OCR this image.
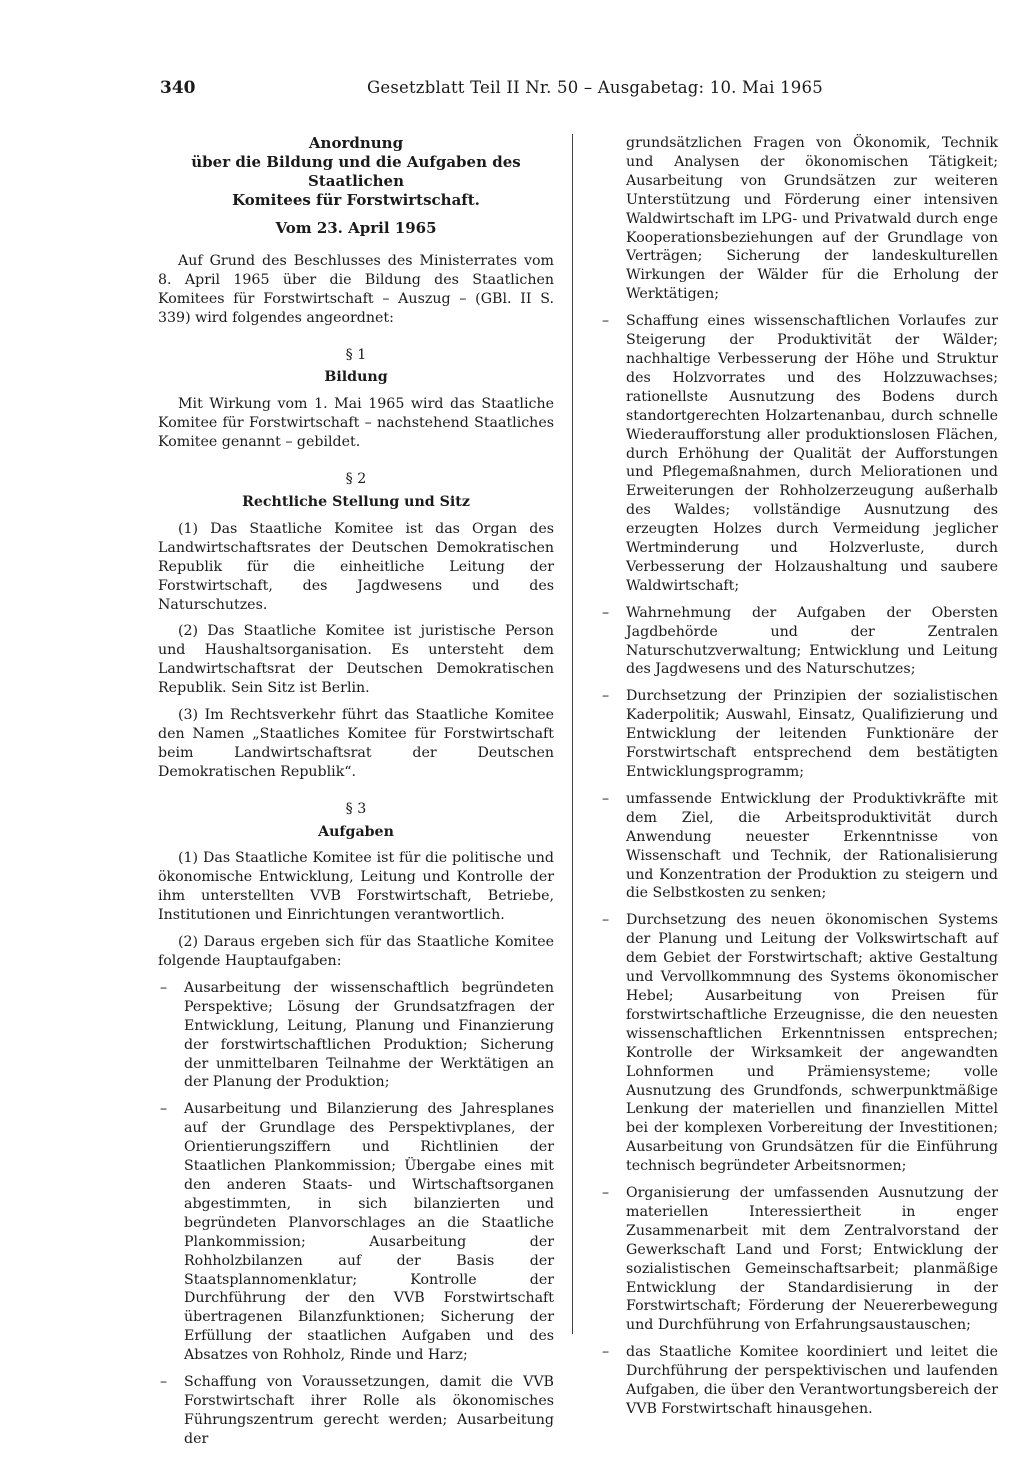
340	Gesetzblatt Teil II Nr. 50 – Ausgabetag: 10. Mai 1965
Anordnung
über die Bildung und die Aufgaben des Staatlichen
Komitees für Forstwirtschaft.
Vom 23. April 1965

Auf Grund des Beschlusses des Ministerrates vom 8. April 1965 über die Bildung des Staatlichen Komitees für Forstwirtschaft – Auszug – (GBl. II S. 339) wird folgendes angeordnet:

§ 1
Bildung

Mit Wirkung vom 1. Mai 1965 wird das Staatliche Komitee für Forstwirtschaft – nachstehend Staatliches Komitee genannt – gebildet.

§ 2
Rechtliche Stellung und Sitz

(1) Das Staatliche Komitee ist das Organ des Landwirtschaftsrates der Deutschen Demokratischen Republik für die einheitliche Leitung der Forstwirtschaft, des Jagdwesens und des Naturschutzes.

(2) Das Staatliche Komitee ist juristische Person und Haushaltsorganisation. Es untersteht dem Landwirtschaftsrat der Deutschen Demokratischen Republik. Sein Sitz ist Berlin.

(3) Im Rechtsverkehr führt das Staatliche Komitee den Namen „Staatliches Komitee für Forstwirtschaft beim Landwirtschaftsrat der Deutschen Demokratischen Republik“.

§ 3
Aufgaben

(1) Das Staatliche Komitee ist für die politische und ökonomische Entwicklung, Leitung und Kontrolle der ihm unterstellten VVB Forstwirtschaft, Betriebe, Institutionen und Einrichtungen verantwortlich.

(2) Daraus ergeben sich für das Staatliche Komitee folgende Hauptaufgaben:

– Ausarbeitung der wissenschaftlich begründeten Perspektive; Lösung der Grundsatzfragen der Entwicklung, Leitung, Planung und Finanzierung der forstwirtschaftlichen Produktion; Sicherung der unmittelbaren Teilnahme der Werktätigen an der Planung der Produktion;
– Ausarbeitung und Bilanzierung des Jahresplanes auf der Grundlage des Perspektivplanes, der Orientierungsziffern und Richtlinien der Staatlichen Plankommission; Übergabe eines mit den anderen Staats- und Wirtschaftsorganen abgestimmten, in sich bilanzierten und begründeten Planvorschlages an die Staatliche Plankommission; Ausarbeitung der Rohholzbilanzen auf der Basis der Staatsplannomenklatur; Kontrolle der Durchführung der den VVB Forstwirtschaft übertragenen Bilanzfunktionen; Sicherung der Erfüllung der staatlichen Aufgaben und des Absatzes von Rohholz, Rinde und Harz;
– Schaffung von Voraussetzungen, damit die VVB Forstwirtschaft ihrer Rolle als ökonomisches Führungszentrum gerecht werden; Ausarbeitung der

grundsätzlichen Fragen von Ökonomik, Technik und Analysen der ökonomischen Tätigkeit; Ausarbeitung von Grundsätzen zur weiteren Unterstützung und Förderung einer intensiven Waldwirtschaft im LPG- und Privatwald durch enge Kooperationsbeziehungen auf der Grundlage von Verträgen; Sicherung der landeskulturellen Wirkungen der Wälder für die Erholung der Werktätigen;

– Schaffung eines wissenschaftlichen Vorlaufes zur Steigerung der Produktivität der Wälder; nachhaltige Verbesserung der Höhe und Struktur des Holzvorrates und des Holzzuwachses; rationellste Ausnutzung des Bodens durch standortgerechten Holzartenanbau, durch schnelle Wiederaufforstung aller produktionslosen Flächen, durch Erhöhung der Qualität der Aufforstungen und Pflegemaßnahmen, durch Meliorationen und Erweiterungen der Rohholzerzeugung außerhalb des Waldes; vollständige Ausnutzung des erzeugten Holzes durch Vermeidung jeglicher Wertminderung und Holzverluste, durch Verbesserung der Holzaushaltung und saubere Waldwirtschaft;
– Wahrnehmung der Aufgaben der Obersten Jagdbehörde und der Zentralen Naturschutzverwaltung; Entwicklung und Leitung des Jagdwesens und des Naturschutzes;
– Durchsetzung der Prinzipien der sozialistischen Kaderpolitik; Auswahl, Einsatz, Qualifizierung und Entwicklung der leitenden Funktionäre der Forstwirtschaft entsprechend dem bestätigten Entwicklungsprogramm;
– umfassende Entwicklung der Produktivkräfte mit dem Ziel, die Arbeitsproduktivität durch Anwendung neuester Erkenntnisse von Wissenschaft und Technik, der Rationalisierung und Konzentration der Produktion zu steigern und die Selbstkosten zu senken;
– Durchsetzung des neuen ökonomischen Systems der Planung und Leitung der Volkswirtschaft auf dem Gebiet der Forstwirtschaft; aktive Gestaltung und Vervollkommnung des Systems ökonomischer Hebel; Ausarbeitung von Preisen für forstwirtschaftliche Erzeugnisse, die den neuesten wissenschaftlichen Erkenntnissen entsprechen; Kontrolle der Wirksamkeit der angewandten Lohnformen und Prämiensysteme; volle Ausnutzung des Grundfonds, schwerpunktmäßige Lenkung der materiellen und finanziellen Mittel bei der komplexen Vorbereitung der Investitionen; Ausarbeitung von Grundsätzen für die Einführung technisch begründeter Arbeitsnormen;
– Organisierung der umfassenden Ausnutzung der materiellen Interessiertheit in enger Zusammenarbeit mit dem Zentralvorstand der Gewerkschaft Land und Forst; Entwicklung der sozialistischen Gemeinschaftsarbeit; planmäßige Entwicklung der Standardisierung in der Forstwirtschaft; Förderung der Neuererbewegung und Durchführung von Erfahrungsaustauschen;
– das Staatliche Komitee koordiniert und leitet die Durchführung der perspektivischen und laufenden Aufgaben, die über den Verantwortungsbereich der VVB Forstwirtschaft hinausgehen.
